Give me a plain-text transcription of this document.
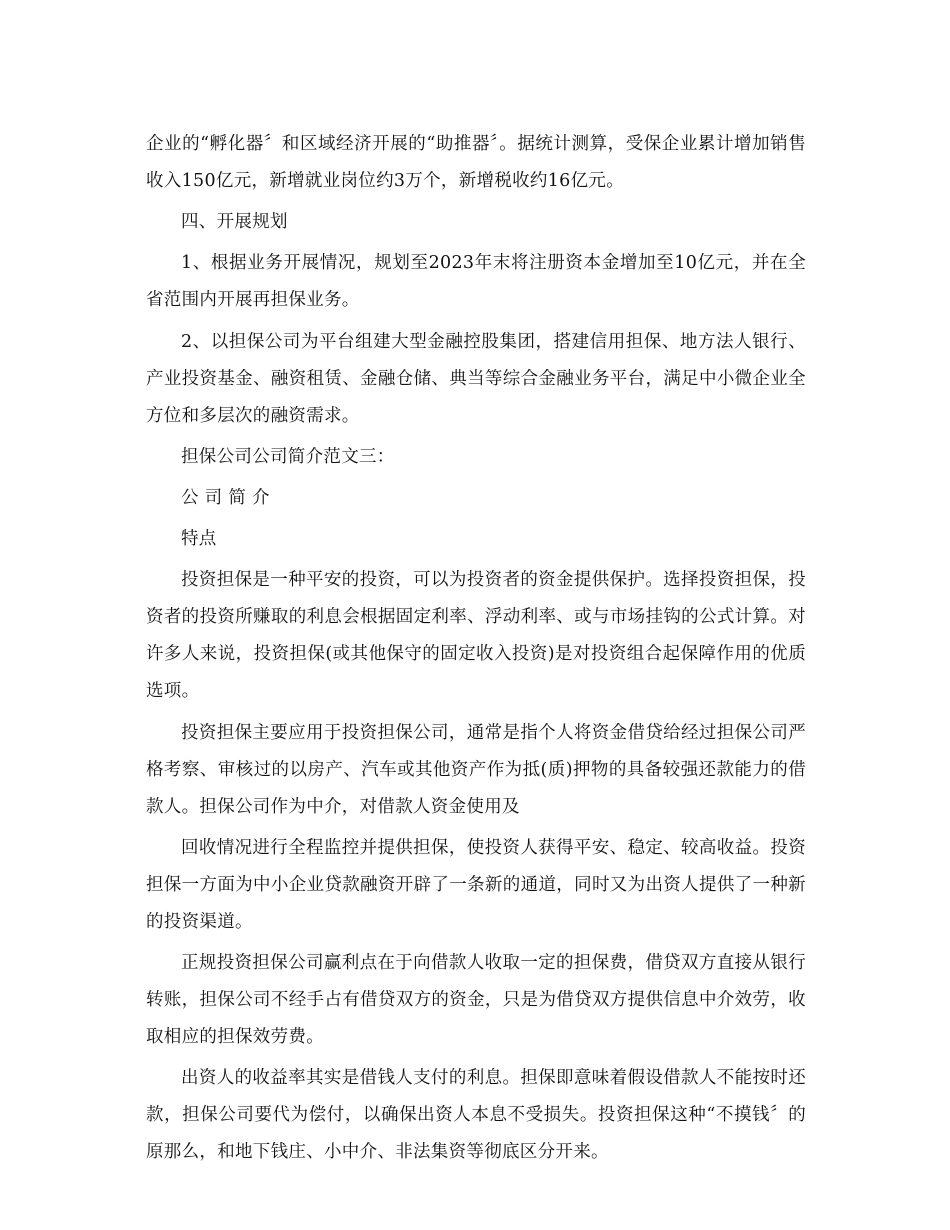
企业的“孵化器〞和区域经济开展的“助推器〞。据统计测算，受保企业累计增加销售收入150亿元，新增就业岗位约3万个，新增税收约16亿元。

四、开展规划

1、根据业务开展情况，规划至2023年末将注册资本金增加至10亿元，并在全省范围内开展再担保业务。

2、以担保公司为平台组建大型金融控股集团，搭建信用担保、地方法人银行、产业投资基金、融资租赁、金融仓储、典当等综合金融业务平台，满足中小微企业全方位和多层次的融资需求。

担保公司公司简介范文三：

公 司 简 介

特点

投资担保是一种平安的投资，可以为投资者的资金提供保护。选择投资担保，投资者的投资所赚取的利息会根据固定利率、浮动利率、或与市场挂钩的公式计算。对许多人来说，投资担保(或其他保守的固定收入投资)是对投资组合起保障作用的优质选项。

投资担保主要应用于投资担保公司，通常是指个人将资金借贷给经过担保公司严格考察、审核过的以房产、汽车或其他资产作为抵(质)押物的具备较强还款能力的借款人。担保公司作为中介，对借款人资金使用及

回收情况进行全程监控并提供担保，使投资人获得平安、稳定、较高收益。投资担保一方面为中小企业贷款融资开辟了一条新的通道，同时又为出资人提供了一种新的投资渠道。

正规投资担保公司赢利点在于向借款人收取一定的担保费，借贷双方直接从银行转账，担保公司不经手占有借贷双方的资金，只是为借贷双方提供信息中介效劳，收取相应的担保效劳费。

出资人的收益率其实是借钱人支付的利息。担保即意味着假设借款人不能按时还款，担保公司要代为偿付，以确保出资人本息不受损失。投资担保这种“不摸钱〞的原那么，和地下钱庄、小中介、非法集资等彻底区分开来。
